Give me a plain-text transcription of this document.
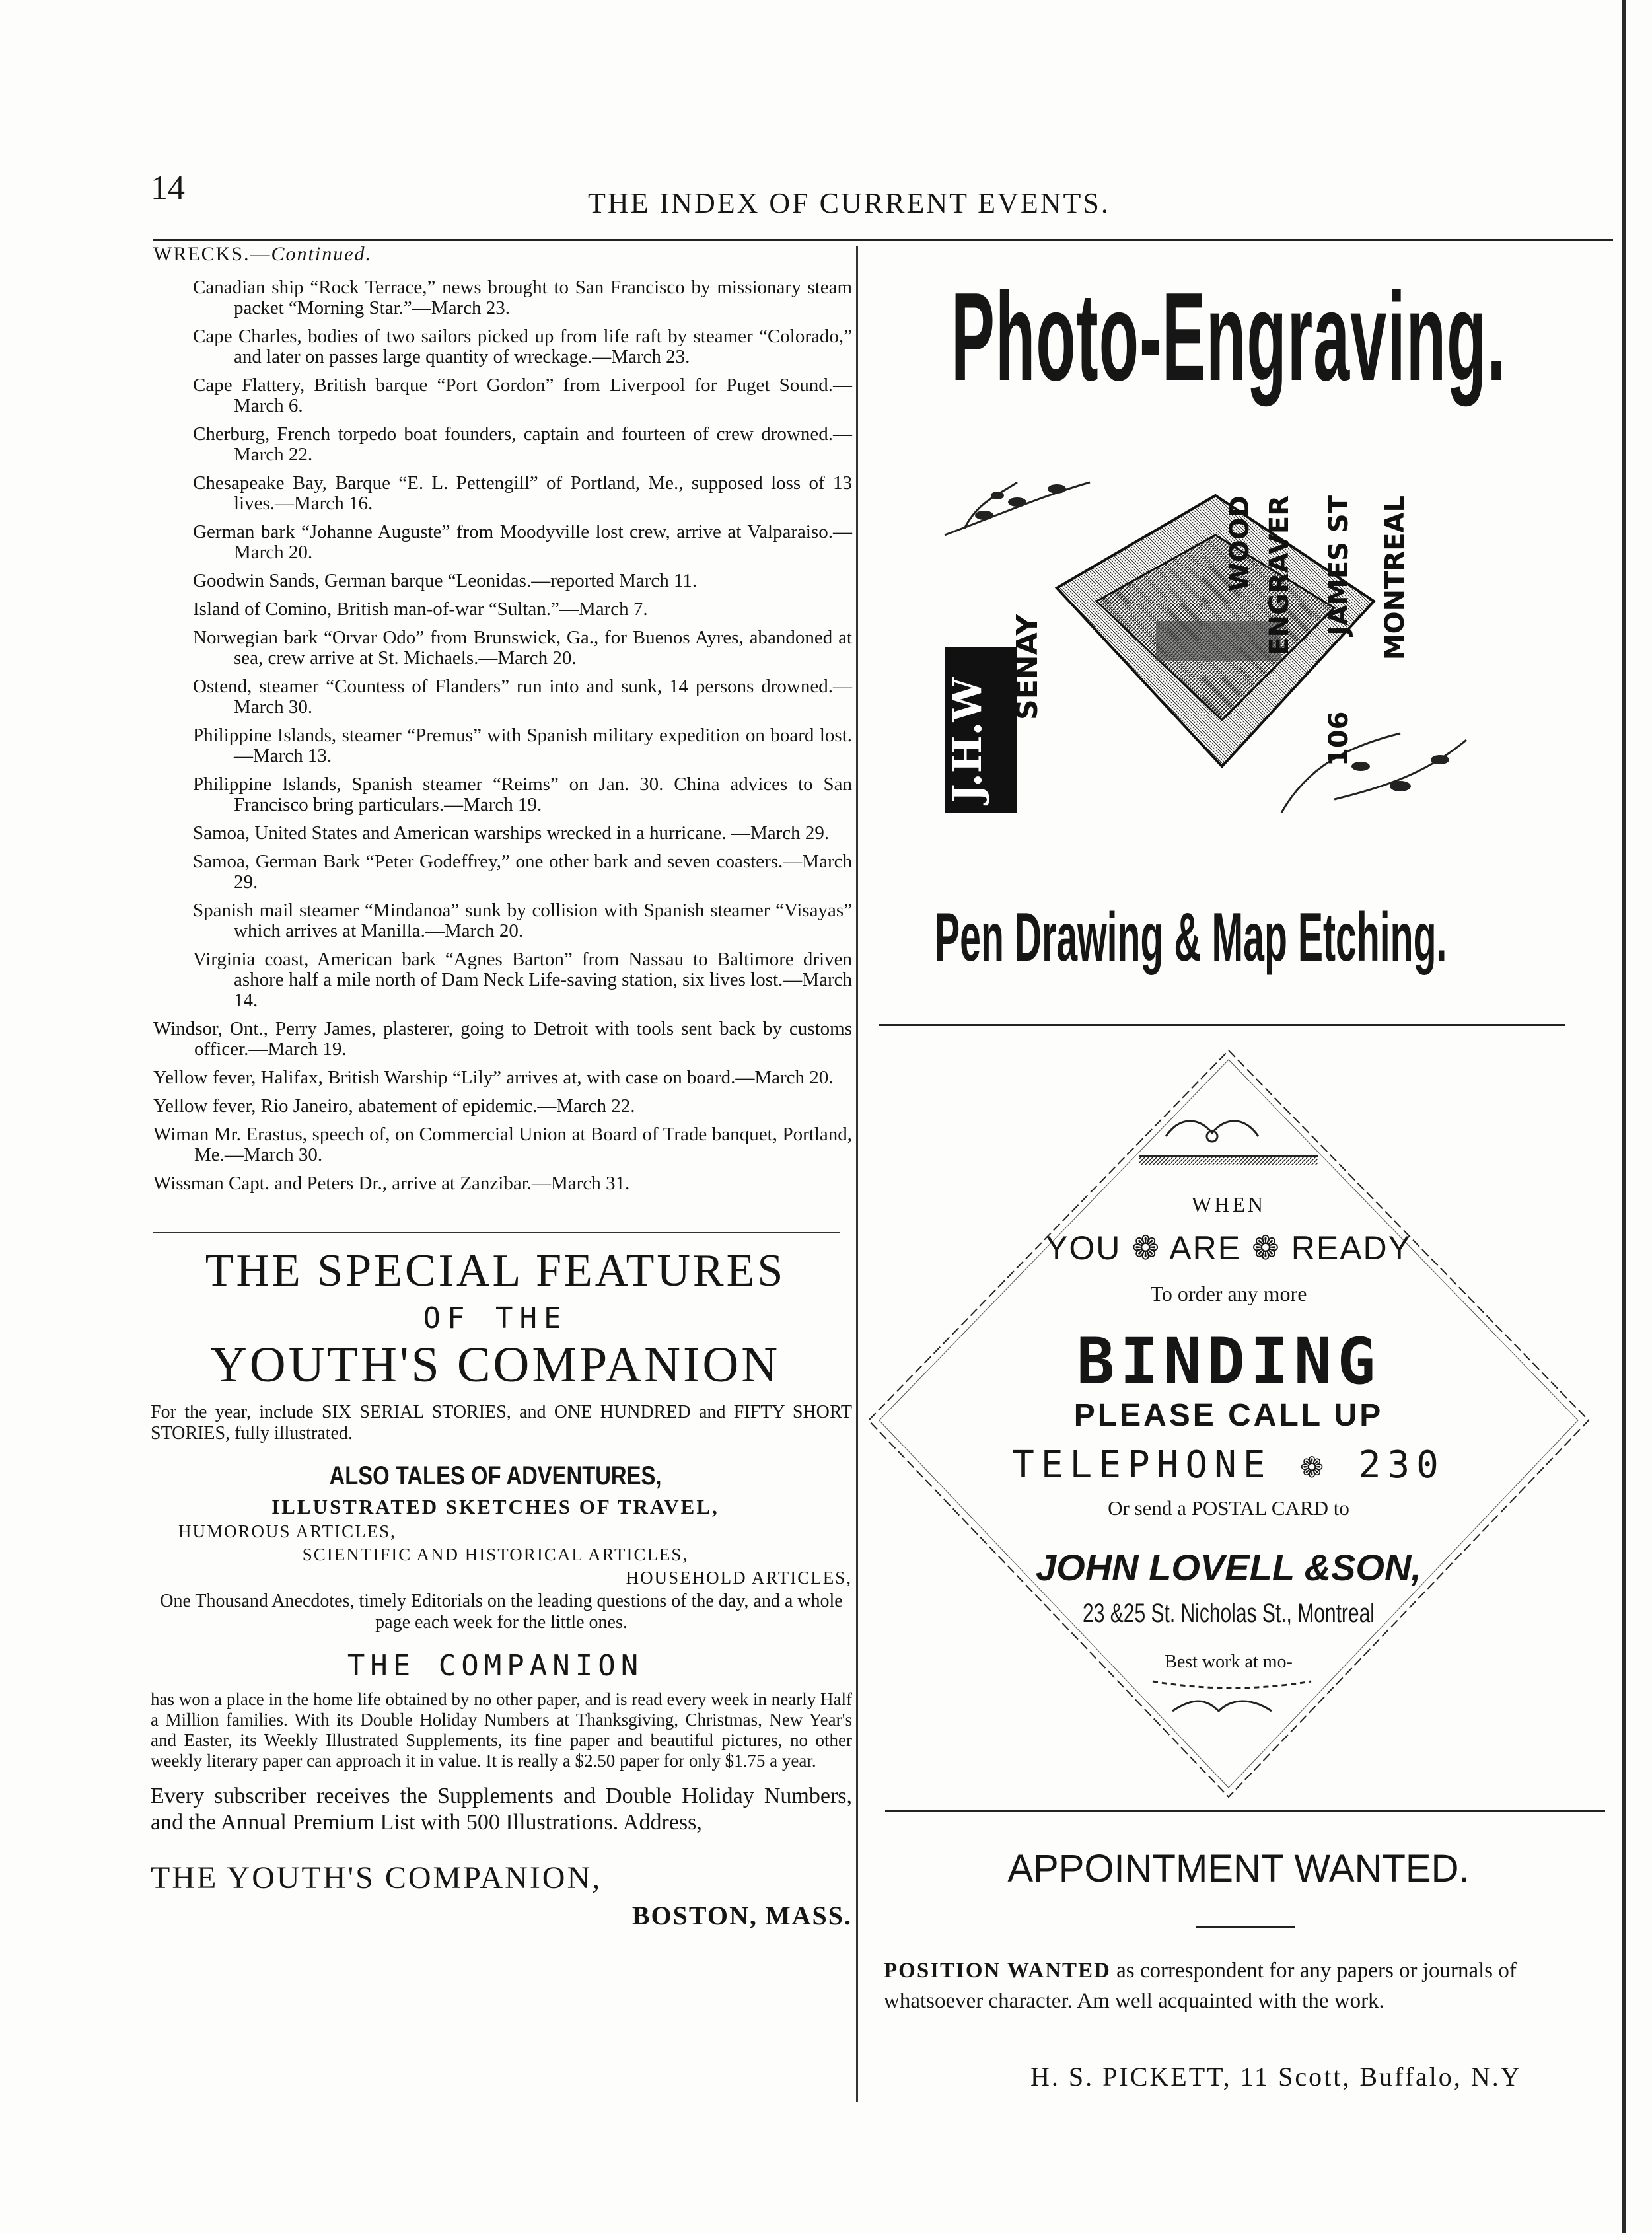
14	THE INDEX OF CURRENT EVENTS.

WRECKS.—Continued.

Canadian ship “Rock Terrace,” news brought to San Francisco by missionary steam packet “Morning Star.”—March 23.

Cape Charles, bodies of two sailors picked up from life raft by steamer “Colorado,” and later on passes large quantity of wreckage.—March 23.

Cape Flattery, British barque “Port Gordon” from Liverpool for Puget Sound.—March 6.

Cherburg, French torpedo boat founders, captain and fourteen of crew drowned.—March 22.

Chesapeake Bay, Barque “E. L. Pettengill” of Portland, Me., supposed loss of 13 lives.—March 16.

German bark “Johanne Auguste” from Moodyville lost crew, arrive at Valparaiso.—March 20.

Goodwin Sands, German barque “Leonidas.—reported March 11.

Island of Comino, British man-of-war “Sultan.”—March 7.

Norwegian bark “Orvar Odo” from Brunswick, Ga., for Buenos Ayres, abandoned at sea, crew arrive at St. Michaels.—March 20.

Ostend, steamer “Countess of Flanders” run into and sunk, 14 persons drowned.—March 30.

Philippine Islands, steamer “Premus” with Spanish military expedition on board lost.—March 13.

Philippine Islands, Spanish steamer “Reims” on Jan. 30. China advices to San Francisco bring particulars.—March 19.

Samoa, United States and American warships wrecked in a hurricane. —March 29.

Samoa, German Bark “Peter Godeffrey,” one other bark and seven coasters.—March 29.

Spanish mail steamer “Mindanoa” sunk by collision with Spanish steamer “Visayas” which arrives at Manilla.—March 20.

Virginia coast, American bark “Agnes Barton” from Nassau to Baltimore driven ashore half a mile north of Dam Neck Life-saving station, six lives lost.—March 14.

Windsor, Ont., Perry James, plasterer, going to Detroit with tools sent back by customs officer.—March 19.

Yellow fever, Halifax, British Warship “Lily” arrives at, with case on board.—March 20.

Yellow fever, Rio Janeiro, abatement of epidemic.—March 22.

Wiman Mr. Erastus, speech of, on Commercial Union at Board of Trade banquet, Portland, Me.—March 30.

Wissman Capt. and Peters Dr., arrive at Zanzibar.—March 31.

THE SPECIAL FEATURES

OF THE

YOUTH'S COMPANION

For the year, include SIX SERIAL STORIES, and ONE HUNDRED and FIFTY SHORT STORIES, fully illustrated.

ALSO TALES OF ADVENTURES,

ILLUSTRATED SKETCHES OF TRAVEL,

HUMOROUS ARTICLES,

SCIENTIFIC AND HISTORICAL ARTICLES,

HOUSEHOLD ARTICLES,

One Thousand Anecdotes, timely Editorials on the leading questions of the day, and a whole page each week for the little ones.

THE COMPANION

has won a place in the home life obtained by no other paper, and is read every week in nearly Half a Million families. With its Double Holiday Numbers at Thanksgiving, Christmas, New Year's and Easter, its Weekly Illustrated Supplements, its fine paper and beautiful pictures, no other weekly literary paper can approach it in value. It is really a $2.50 paper for only $1.75 a year.

Every subscriber receives the Supplements and Double Holiday Numbers, and the Annual Premium List with 500 Illustrations. Address,

THE YOUTH'S COMPANION,

BOSTON, MASS.

Photo-Engraving.
J.H.W
SENAY
WOOD ENGRAVER JAMES ST MONTREAL
106
Pen Drawing & Map Etching.
WHEN
YOU ❁ ARE ❁ READY
To order any more
BINDING
PLEASE CALL UP
TELEPHONE ❁ 230
Or send a POSTAL CARD to
JOHN LOVELL &SON,
23 &25 St. Nicholas St., Montreal
Best work at mo-
APPOINTMENT WANTED.
POSITION WANTED as correspondent for any papers or journals of whatsoever character. Am well acquainted with the work.
H. S. PICKETT, 11 Scott, Buffalo, N.Y
